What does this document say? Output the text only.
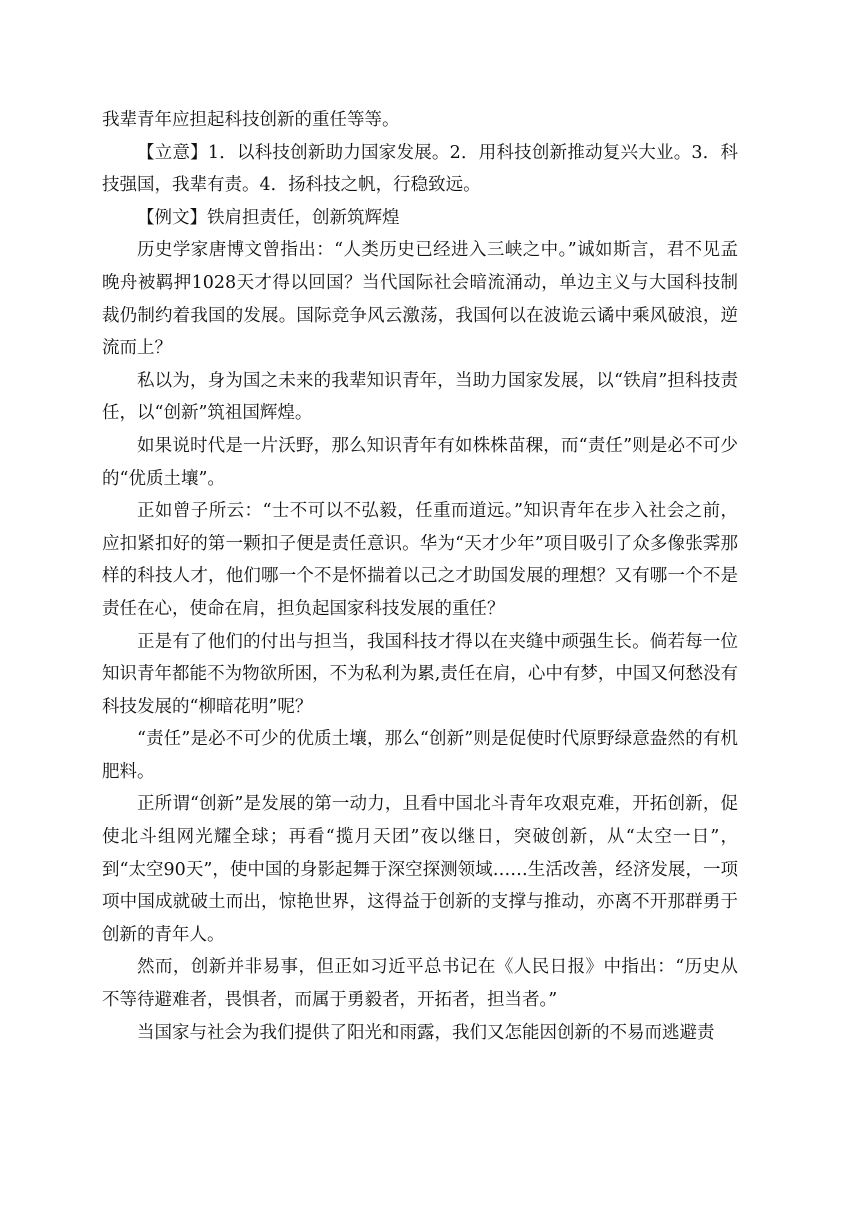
我辈青年应担起科技创新的重任等等。

【立意】1．以科技创新助力国家发展。2．用科技创新推动复兴大业。3．科技强国，我辈有责。4．扬科技之帆，行稳致远。

【例文】铁肩担责任，创新筑辉煌

历史学家唐博文曾指出：“人类历史已经进入三峡之中。”诚如斯言，君不见孟晚舟被羁押1028天才得以回国？当代国际社会暗流涌动，单边主义与大国科技制裁仍制约着我国的发展。国际竞争风云激荡，我国何以在波诡云谲中乘风破浪，逆流而上？

私以为，身为国之未来的我辈知识青年，当助力国家发展，以“铁肩”担科技责任，以“创新”筑祖国辉煌。

如果说时代是一片沃野，那么知识青年有如株株苗稞，而“责任”则是必不可少的“优质土壤”。

正如曾子所云：“士不可以不弘毅，任重而道远。”知识青年在步入社会之前，应扣紧扣好的第一颗扣子便是责任意识。华为“天才少年”项目吸引了众多像张霁那样的科技人才，他们哪一个不是怀揣着以己之才助国发展的理想？又有哪一个不是责任在心，使命在肩，担负起国家科技发展的重任？

正是有了他们的付出与担当，我国科技才得以在夹缝中顽强生长。倘若每一位知识青年都能不为物欲所困，不为私利为累,责任在肩，心中有梦，中国又何愁没有科技发展的“柳暗花明”呢？

“责任”是必不可少的优质土壤，那么“创新”则是促使时代原野绿意盎然的有机肥料。

正所谓“创新”是发展的第一动力，且看中国北斗青年攻艰克难，开拓创新，促使北斗组网光耀全球；再看“揽月天团”夜以继日，突破创新，从“太空一日”，到“太空90天”，使中国的身影起舞于深空探测领域……生活改善，经济发展，一项项中国成就破土而出，惊艳世界，这得益于创新的支撑与推动，亦离不开那群勇于创新的青年人。

然而，创新并非易事，但正如习近平总书记在《人民日报》中指出：“历史从不等待避难者，畏惧者，而属于勇毅者，开拓者，担当者。”

当国家与社会为我们提供了阳光和雨露，我们又怎能因创新的不易而逃避责
